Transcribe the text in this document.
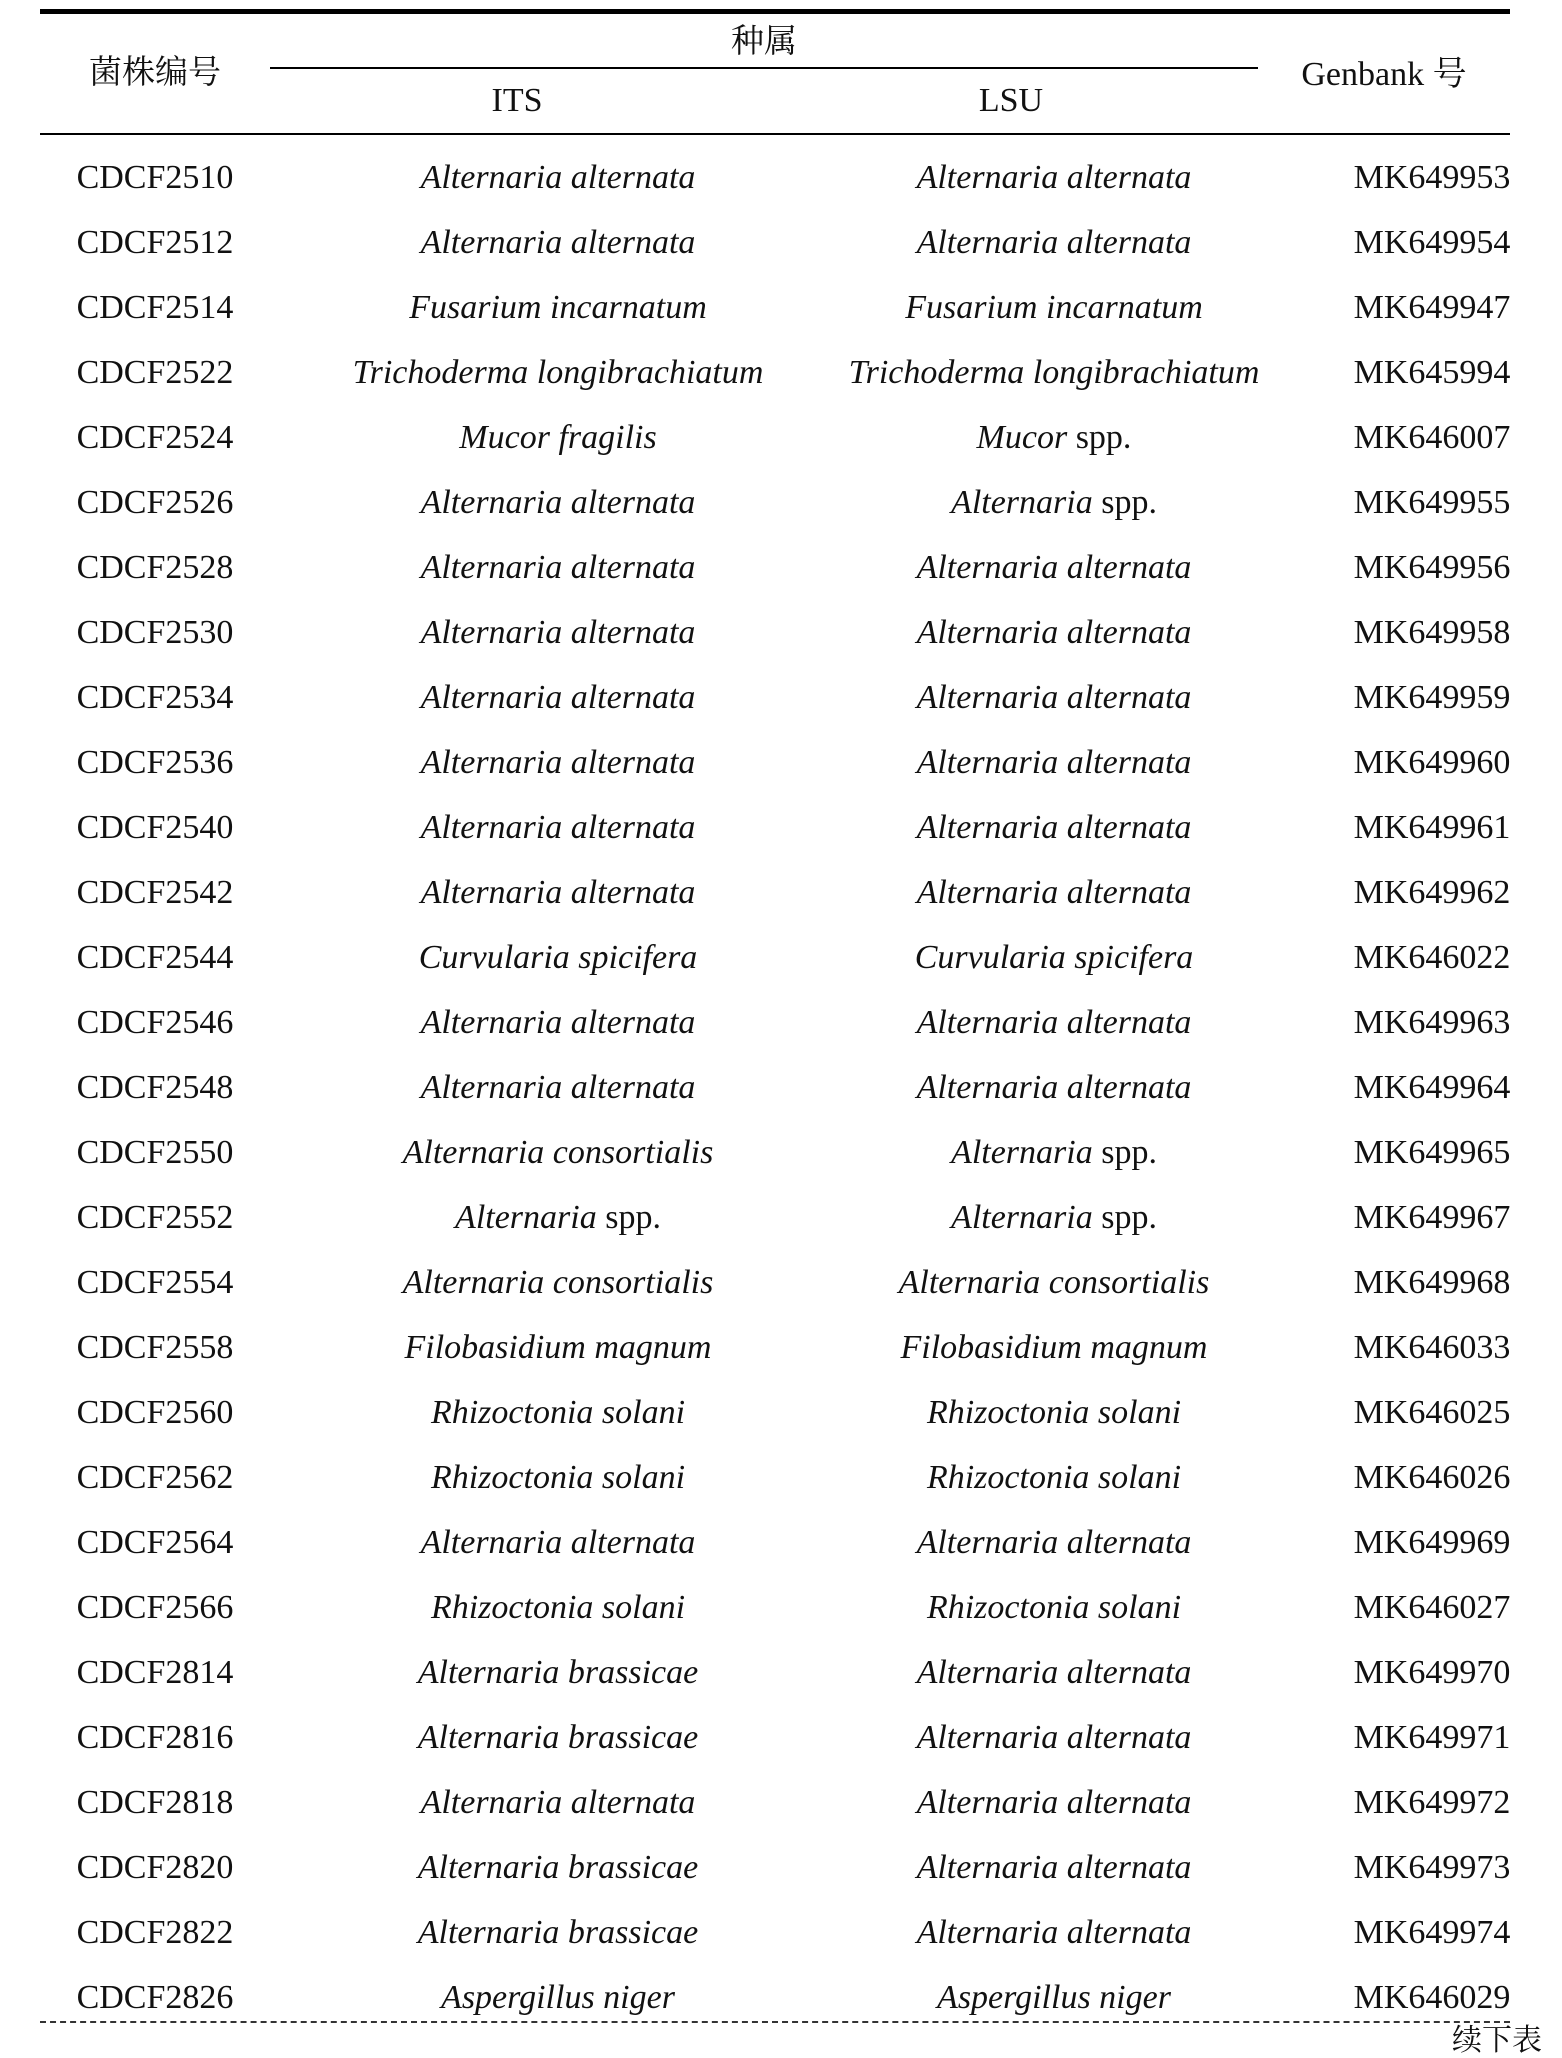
菌株编号
种属
ITS	LSU
Genbank 号
CDCF2510	Alternaria alternata	Alternaria alternata	MK649953
CDCF2512	Alternaria alternata	Alternaria alternata	MK649954
CDCF2514	Fusarium incarnatum	Fusarium incarnatum	MK649947
CDCF2522	Trichoderma longibrachiatum	Trichoderma longibrachiatum	MK645994
CDCF2524	Mucor fragilis	Mucor spp.	MK646007
CDCF2526	Alternaria alternata	Alternaria spp.	MK649955
CDCF2528	Alternaria alternata	Alternaria alternata	MK649956
CDCF2530	Alternaria alternata	Alternaria alternata	MK649958
CDCF2534	Alternaria alternata	Alternaria alternata	MK649959
CDCF2536	Alternaria alternata	Alternaria alternata	MK649960
CDCF2540	Alternaria alternata	Alternaria alternata	MK649961
CDCF2542	Alternaria alternata	Alternaria alternata	MK649962
CDCF2544	Curvularia spicifera	Curvularia spicifera	MK646022
CDCF2546	Alternaria alternata	Alternaria alternata	MK649963
CDCF2548	Alternaria alternata	Alternaria alternata	MK649964
CDCF2550	Alternaria consortialis	Alternaria spp.	MK649965
CDCF2552	Alternaria spp.	Alternaria spp.	MK649967
CDCF2554	Alternaria consortialis	Alternaria consortialis	MK649968
CDCF2558	Filobasidium magnum	Filobasidium magnum	MK646033
CDCF2560	Rhizoctonia solani	Rhizoctonia solani	MK646025
CDCF2562	Rhizoctonia solani	Rhizoctonia solani	MK646026
CDCF2564	Alternaria alternata	Alternaria alternata	MK649969
CDCF2566	Rhizoctonia solani	Rhizoctonia solani	MK646027
CDCF2814	Alternaria brassicae	Alternaria alternata	MK649970
CDCF2816	Alternaria brassicae	Alternaria alternata	MK649971
CDCF2818	Alternaria alternata	Alternaria alternata	MK649972
CDCF2820	Alternaria brassicae	Alternaria alternata	MK649973
CDCF2822	Alternaria brassicae	Alternaria alternata	MK649974
CDCF2826	Aspergillus niger	Aspergillus niger	MK646029
续下表
